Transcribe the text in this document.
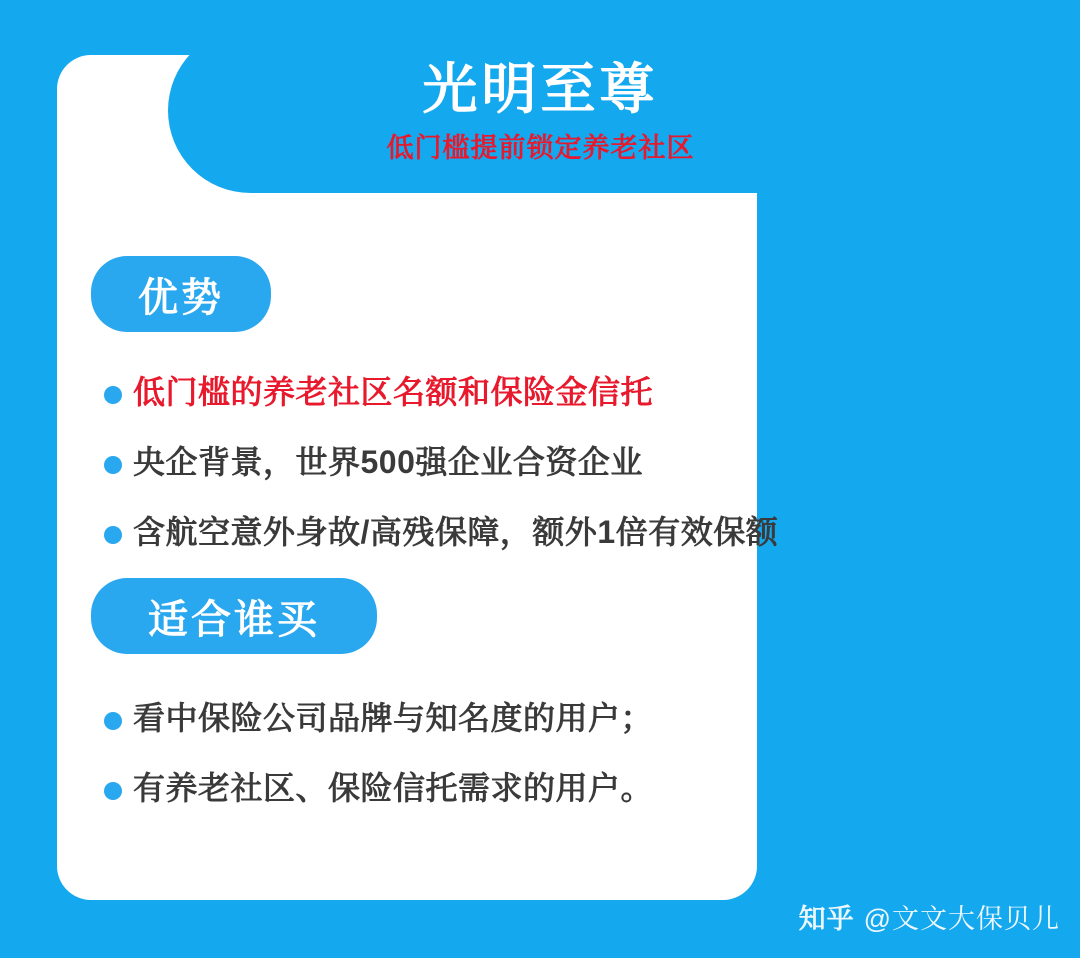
光明至尊
低门槛提前锁定养老社区
优势
低门槛的养老社区名额和保险金信托
央企背景，世界500强企业合资企业
含航空意外身故/高残保障，额外1倍有效保额
适合谁买
看中保险公司品牌与知名度的用户；
有养老社区、保险信托需求的用户。
知乎 @文文大保贝儿
